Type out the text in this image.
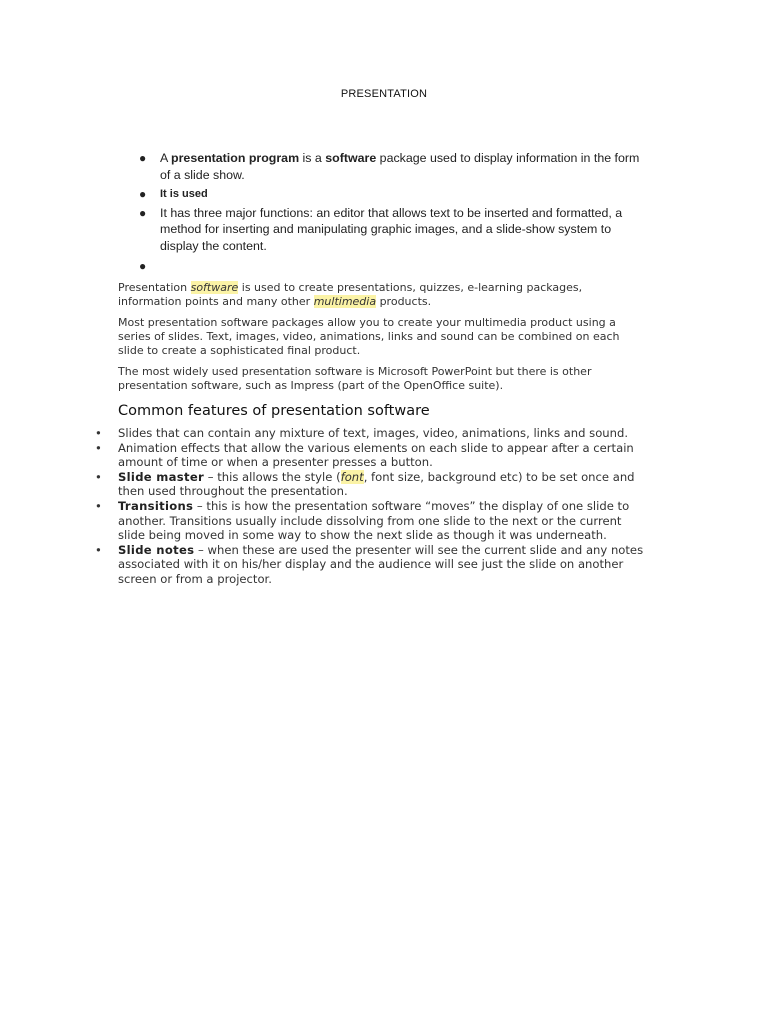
PRESENTATION
● A presentation program is a software package used to display information in the form of a slide show.
● It is used
● It has three major functions: an editor that allows text to be inserted and formatted, a method for inserting and manipulating graphic images, and a slide-show system to display the content.
●

Presentation software is used to create presentations, quizzes, e-learning packages, information points and many other multimedia products.

Most presentation software packages allow you to create your multimedia product using a series of slides. Text, images, video, animations, links and sound can be combined on each slide to create a sophisticated final product.

The most widely used presentation software is Microsoft PowerPoint but there is other presentation software, such as Impress (part of the OpenOffice suite).

Common features of presentation software
• Slides that can contain any mixture of text, images, video, animations, links and sound.
• Animation effects that allow the various elements on each slide to appear after a certain amount of time or when a presenter presses a button.
• Slide master – this allows the style (font, font size, background etc) to be set once and then used throughout the presentation.
• Transitions – this is how the presentation software “moves” the display of one slide to another. Transitions usually include dissolving from one slide to the next or the current slide being moved in some way to show the next slide as though it was underneath.
• Slide notes – when these are used the presenter will see the current slide and any notes associated with it on his/her display and the audience will see just the slide on another screen or from a projector.
